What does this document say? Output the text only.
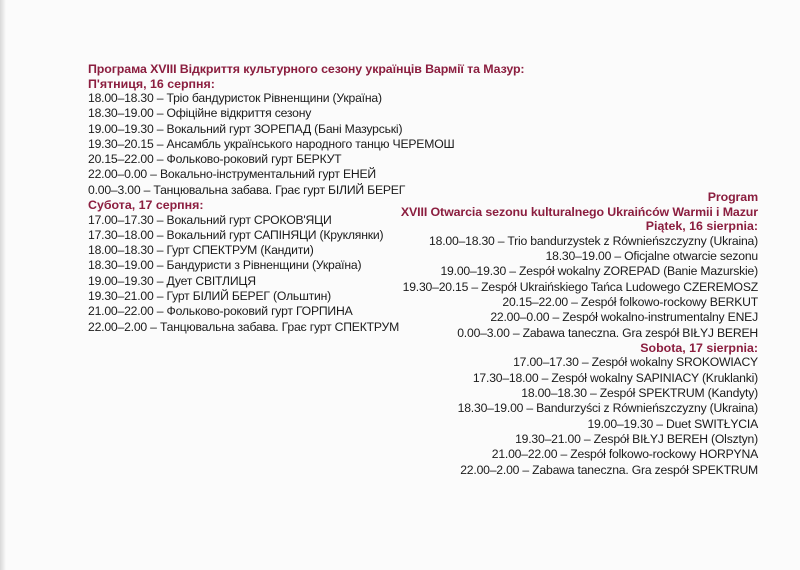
Програма XVIII Відкриття культурного сезону українців Вармії та Мазур:
П'ятниця, 16 серпня:
18.00–18.30 – Тріо бандуристок Рівненщини (Україна)
18.30–19.00 – Офіційне відкриття сезону
19.00–19.30 – Вокальний гурт ЗОРЕПАД (Бані Мазурські)
19.30–20.15 – Ансамбль українського народного танцю ЧЕРЕМОШ
20.15–22.00 – Фольково-роковий гурт БЕРКУТ
22.00–0.00 – Вокально-інструментальний гурт ЕНЕЙ
0.00–3.00 – Танцювальна забава. Грає гурт БІЛИЙ БЕРЕГ
Субота, 17 серпня:
17.00–17.30 – Вокальний гурт СРОКОВ'ЯЦИ
17.30–18.00 – Вокальний гурт САПІНЯЦИ (Круклянки)
18.00–18.30 – Гурт СПЕКТРУМ (Кандити)
18.30–19.00 – Бандуристи з Рівненщини (Україна)
19.00–19.30 – Дует СВІТЛИЦЯ
19.30–21.00 – Гурт БІЛИЙ БЕРЕГ (Ольштин)
21.00–22.00 – Фольково-роковий гурт ГОРПИНА
22.00–2.00 – Танцювальна забава. Грає гурт СПЕКТРУМ
Program
XVIII Otwarcia sezonu kulturalnego Ukraińców Warmii i Mazur
Piątek, 16 sierpnia:
18.00–18.30 – Trio bandurzystek z Równieńszczyzny (Ukraina)
18.30–19.00 – Oficjalne otwarcie sezonu
19.00–19.30 – Zespół wokalny ZOREPAD (Banie Mazurskie)
19.30–20.15 – Zespół Ukraińskiego Tańca Ludowego CZEREMOSZ
20.15–22.00 – Zespół folkowo-rockowy BERKUT
22.00–0.00 – Zespół wokalno-instrumentalny ENEJ
0.00–3.00 – Zabawa taneczna. Gra zespół BIŁYJ BEREH
Sobota, 17 sierpnia:
17.00–17.30 – Zespół wokalny SROKOWIACY
17.30–18.00 – Zespół wokalny SAPINIACY (Kruklanki)
18.00–18.30 – Zespół SPEKTRUM (Kandyty)
18.30–19.00 – Bandurzyści z Równieńszczyzny (Ukraina)
19.00–19.30 – Duet SWITŁYCIA
19.30–21.00 – Zespół BIŁYJ BEREH (Olsztyn)
21.00–22.00 – Zespół folkowo-rockowy HORPYNA
22.00–2.00 – Zabawa taneczna. Gra zespół SPEKTRUM
